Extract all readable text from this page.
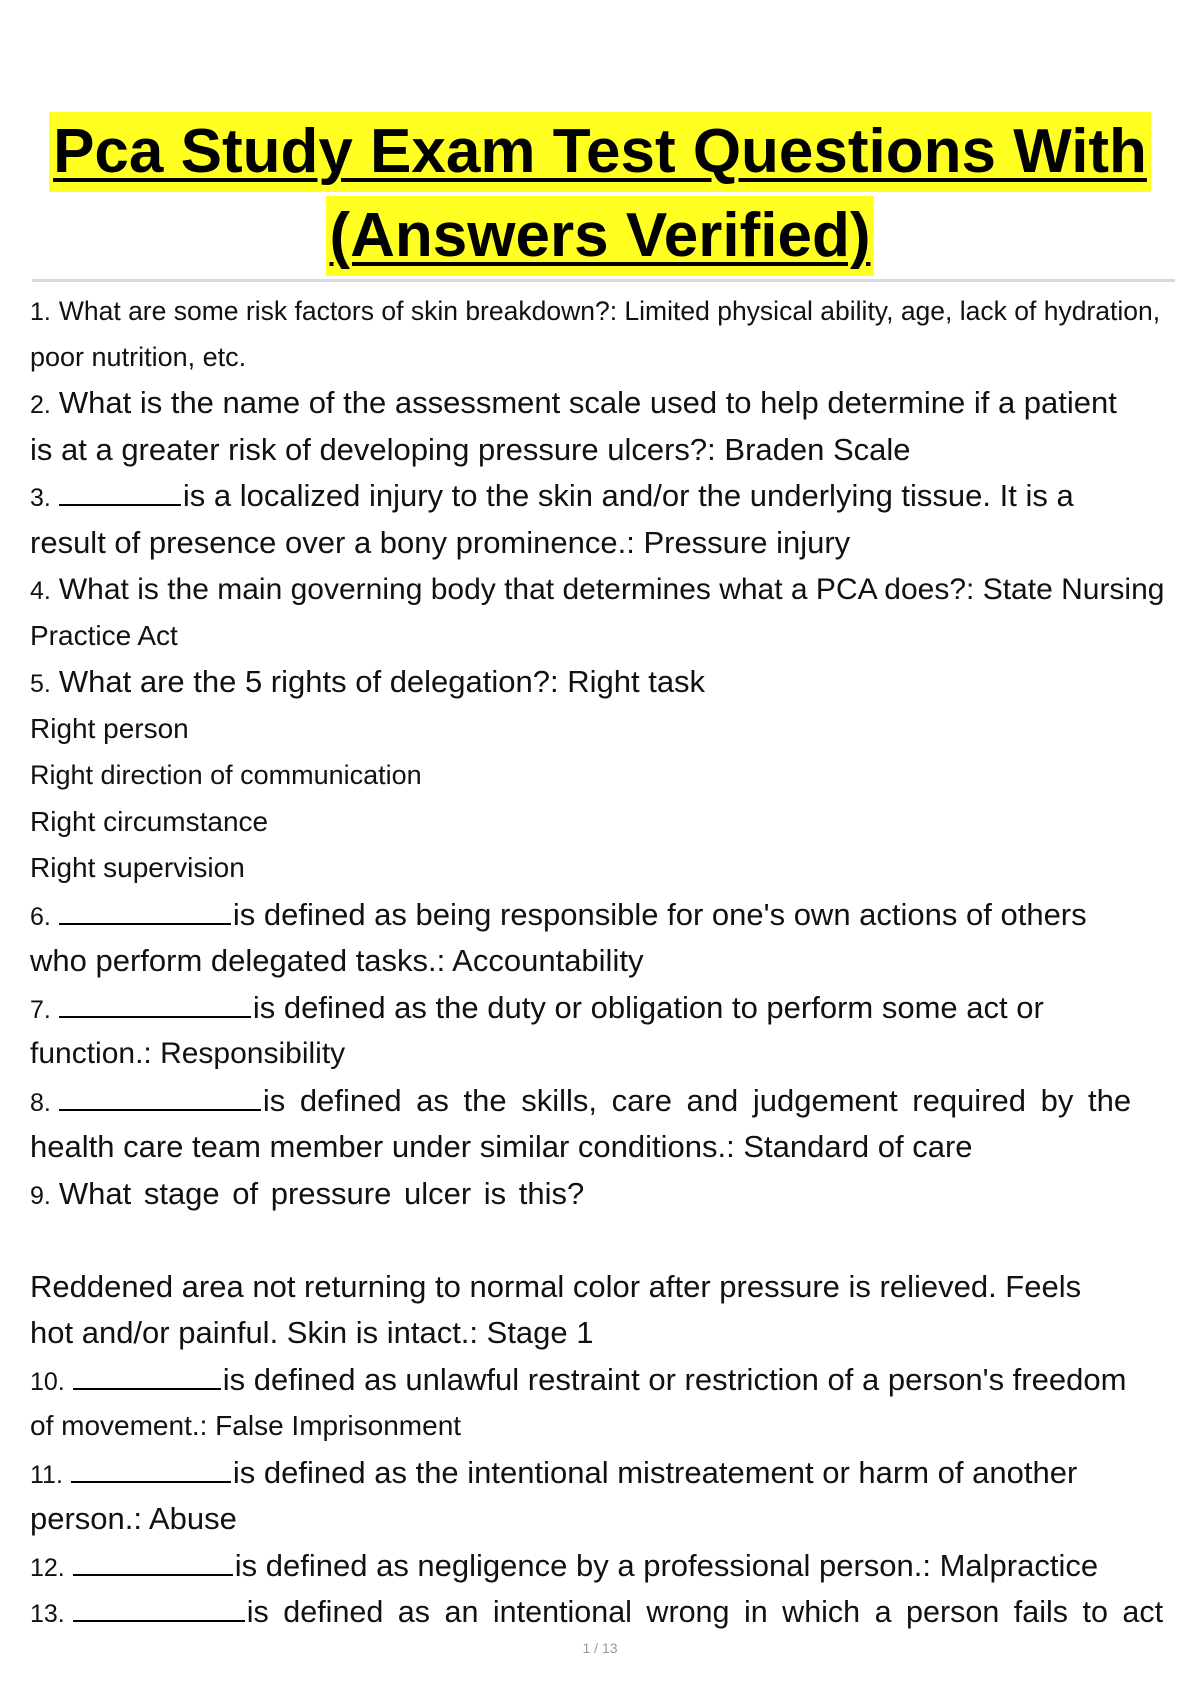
Pca Study Exam Test Questions With
(Answers Verified)
1. What are some risk factors of skin breakdown?: Limited physical ability, age, lack of hydration,
poor nutrition, etc.
2. What is the name of the assessment scale used to help determine if a patient
is at a greater risk of developing pressure ulcers?: Braden Scale
3.	is a localized injury to the skin and/or the underlying tissue. It is a
result of presence over a bony prominence.: Pressure injury
4. What is the main governing body that determines what a PCA does?: State Nursing
Practice Act
5. What are the 5 rights of delegation?: Right task
Right person
Right direction of communication
Right circumstance
Right supervision
6.	is defined as being responsible for one's own actions of others
who perform delegated tasks.: Accountability
7.	is defined as the duty or obligation to perform some act or
function.: Responsibility
8.	is defined as the skills, care and judgement required by the
health care team member under similar conditions.: Standard of care
9. What stage of pressure ulcer is this?
Reddened area not returning to normal color after pressure is relieved. Feels
hot and/or painful. Skin is intact.: Stage 1
10.	is defined as unlawful restraint or restriction of a person's freedom
of movement.: False Imprisonment
11.	is defined as the intentional mistreatement or harm of another
person.: Abuse
12.	is defined as negligence by a professional person.: Malpractice
13.	is defined as an intentional wrong in which a person fails to act
1 / 13
